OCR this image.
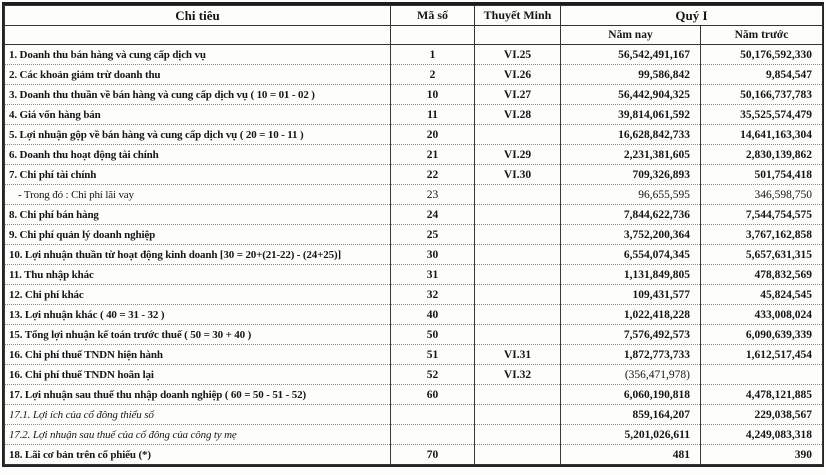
Chi tiêu	Mã số	Thuyết Minh	Quý I	
			Năm nay	Năm trước
1. Doanh thu bán hàng và cung cấp dịch vụ	1	VI.25	56,542,491,167	50,176,592,330
2. Các khoản giảm trừ doanh thu	2	VI.26	99,586,842	9,854,547
3. Doanh thu thuần về bán hàng và cung cấp dịch vụ ( 10 = 01 - 02 )	10	VI.27	56,442,904,325	50,166,737,783
4. Giá vốn hàng bán	11	VI.28	39,814,061,592	35,525,574,479
5. Lợi nhuận gộp về bán hàng và cung cấp dịch vụ ( 20 = 10 - 11 )	20		16,628,842,733	14,641,163,304
6. Doanh thu hoạt động tài chính	21	VI.29	2,231,381,605	2,830,139,862
7. Chi phí tài chính	22	VI.30	709,326,893	501,754,418
- Trong đó : Chi phí lãi vay	23		96,655,595	346,598,750
8. Chi phí bán hàng	24		7,844,622,736	7,544,754,575
9. Chi phí quản lý doanh nghiệp	25		3,752,200,364	3,767,162,858
10. Lợi nhuận thuần từ hoạt động kinh doanh [30 = 20+(21-22) - (24+25)]	30		6,554,074,345	5,657,631,315
11. Thu nhập khác	31		1,131,849,805	478,832,569
12. Chi phí khác	32		109,431,577	45,824,545
13. Lợi nhuận khác ( 40 = 31 - 32 )	40		1,022,418,228	433,008,024
15. Tổng lợi nhuận kế toán trước thuế ( 50 = 30 + 40 )	50		7,576,492,573	6,090,639,339
16. Chi phí thuế TNDN hiện hành	51	VI.31	1,872,773,733	1,612,517,454
16. Chi phí thuế TNDN hoãn lại	52	VI.32	(356,471,978)	
17. Lợi nhuận sau thuế thu nhập doanh nghiệp ( 60 = 50 - 51 - 52)	60		6,060,190,818	4,478,121,885
17.1. Lợi ích của cổ đông thiểu số			859,164,207	229,038,567
17.2. Lợi nhuận sau thuế của cổ đông của công ty mẹ			5,201,026,611	4,249,083,318
18. Lãi cơ bản trên cổ phiếu (*)	70		481	390
